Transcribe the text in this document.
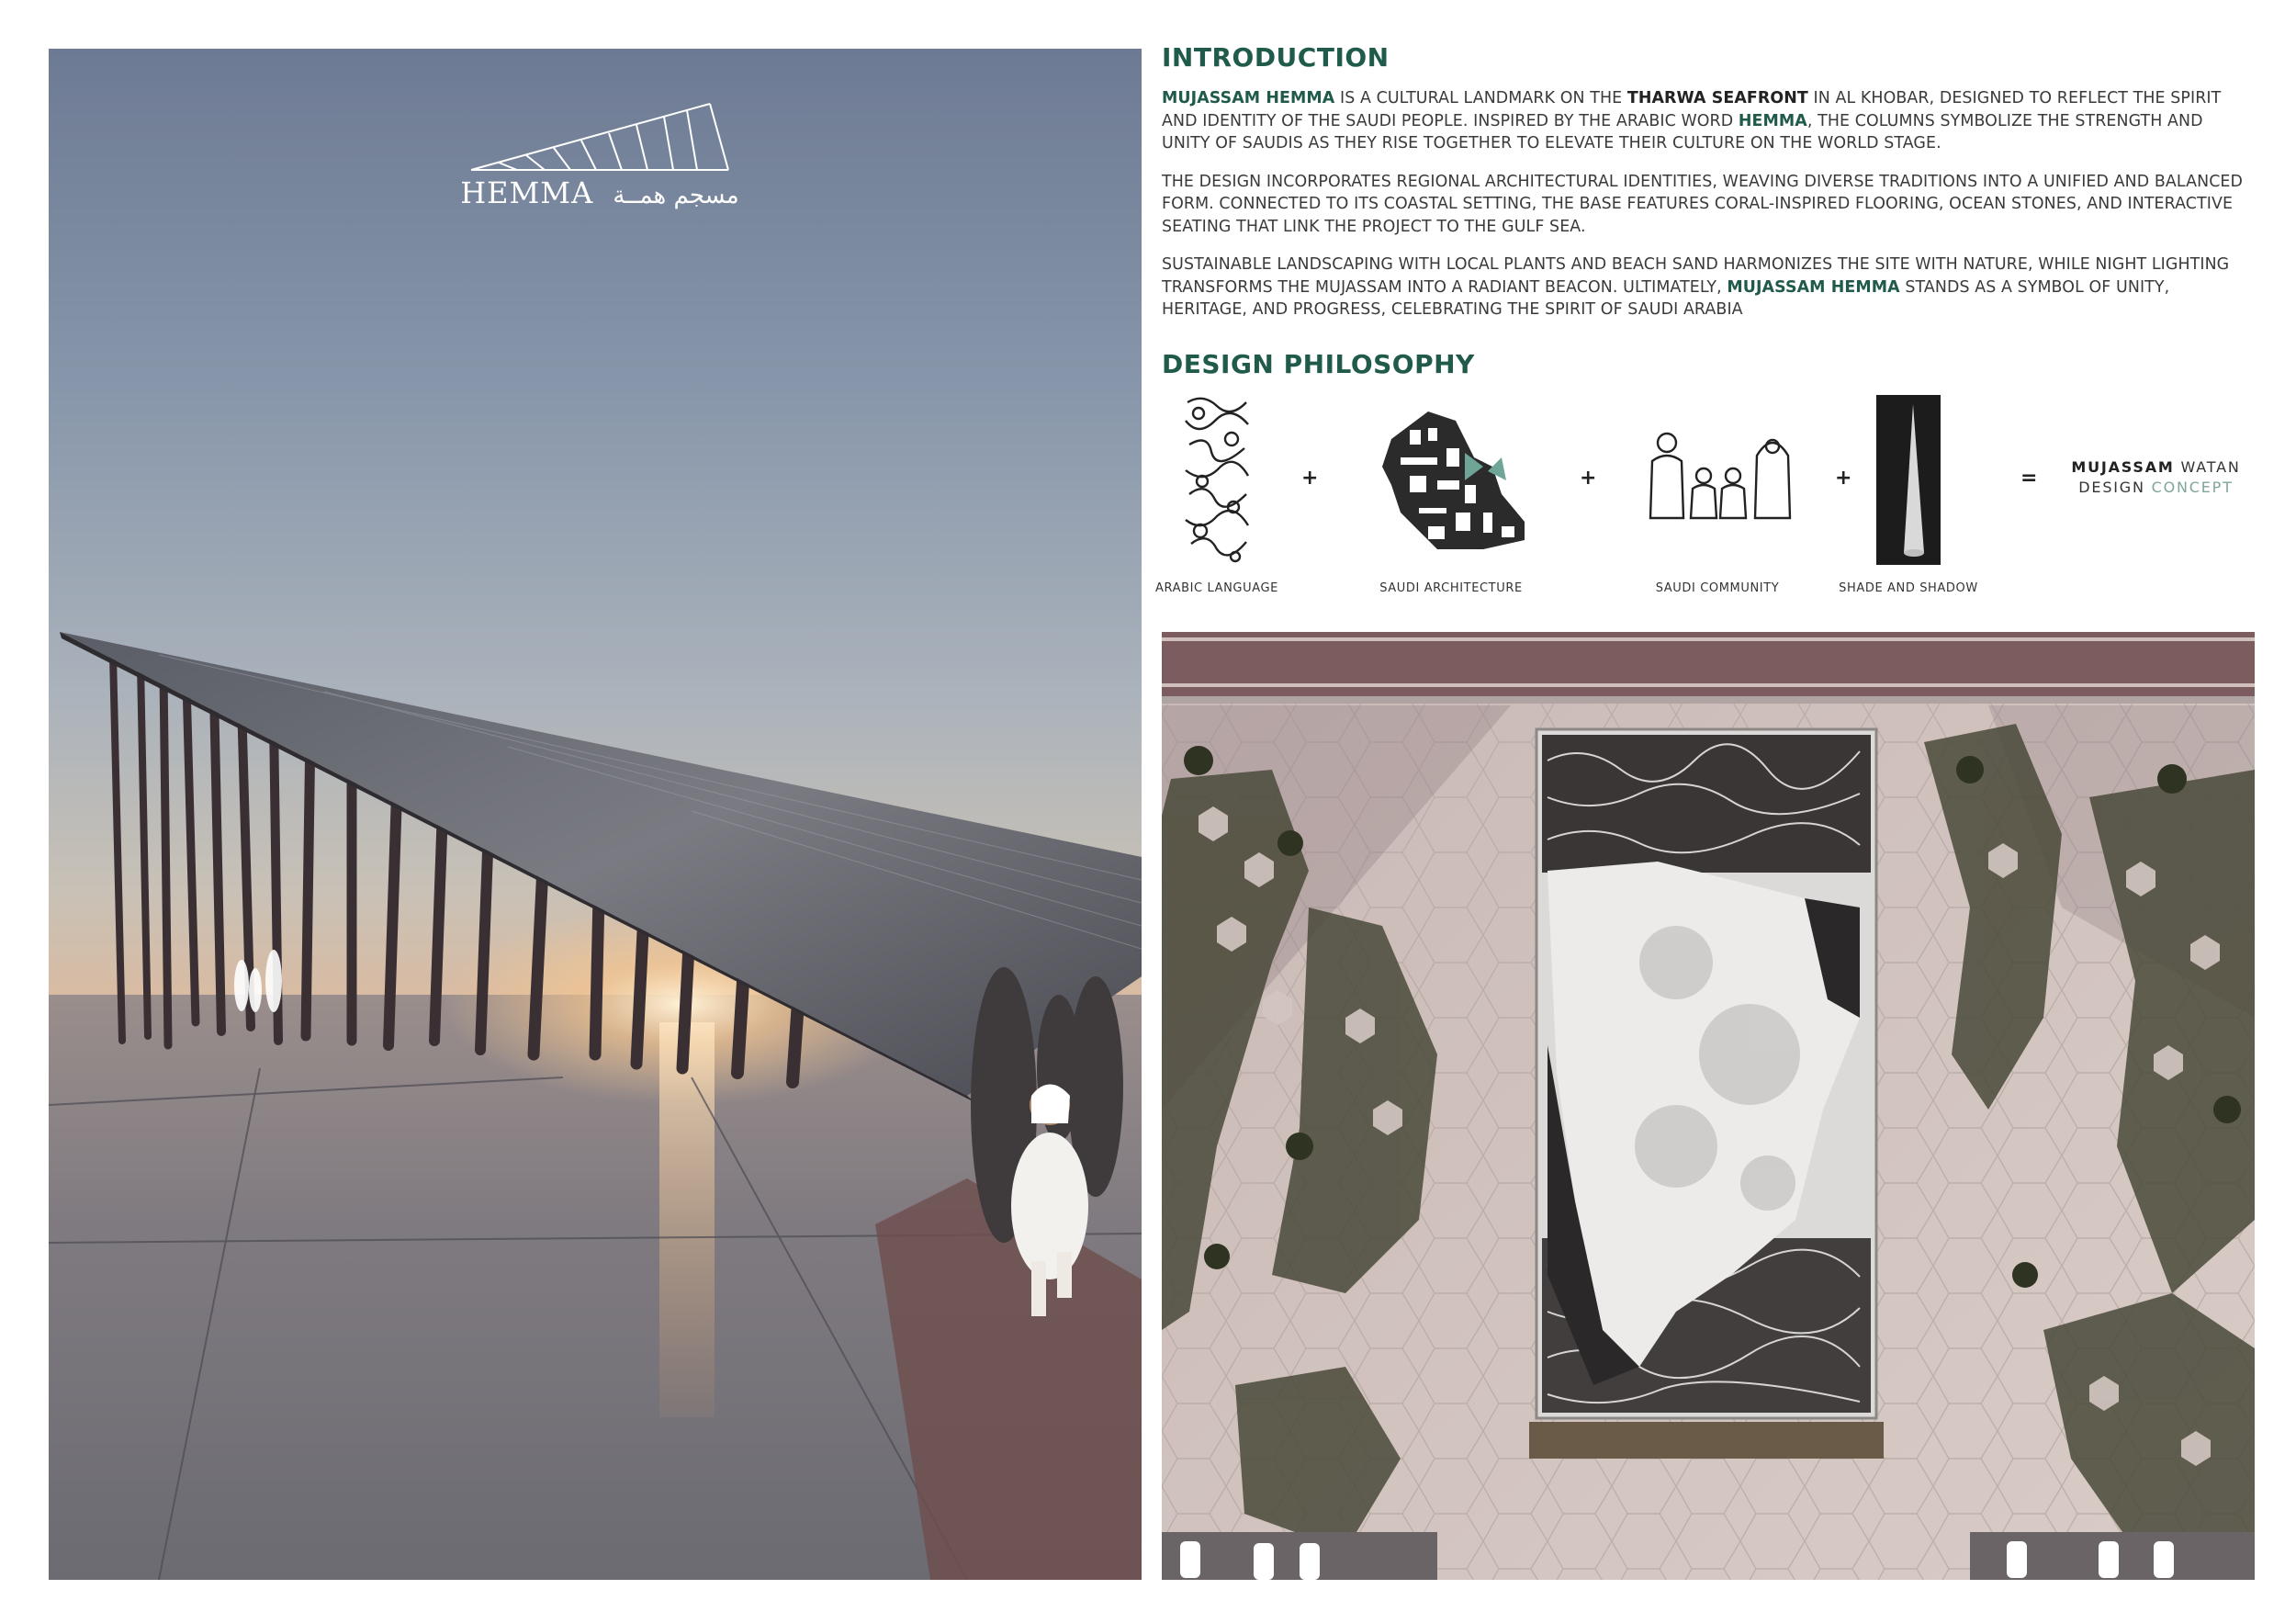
HEMMA مسجم همــة
INTRODUCTION

MUJASSAM HEMMA IS A CULTURAL LANDMARK ON THE THARWA SEAFRONT IN AL KHOBAR, DESIGNED TO REFLECT THE SPIRIT AND IDENTITY OF THE SAUDI PEOPLE. INSPIRED BY THE ARABIC WORD HEMMA, THE COLUMNS SYMBOLIZE THE STRENGTH AND UNITY OF SAUDIS AS THEY RISE TOGETHER TO ELEVATE THEIR CULTURE ON THE WORLD STAGE.

THE DESIGN INCORPORATES REGIONAL ARCHITECTURAL IDENTITIES, WEAVING DIVERSE TRADITIONS INTO A UNIFIED AND BALANCED FORM. CONNECTED TO ITS COASTAL SETTING, THE BASE FEATURES CORAL-INSPIRED FLOORING, OCEAN STONES, AND INTERACTIVE SEATING THAT LINK THE PROJECT TO THE GULF SEA.

SUSTAINABLE LANDSCAPING WITH LOCAL PLANTS AND BEACH SAND HARMONIZES THE SITE WITH NATURE, WHILE NIGHT LIGHTING TRANSFORMS THE MUJASSAM INTO A RADIANT BEACON. ULTIMATELY, MUJASSAM HEMMA STANDS AS A SYMBOL OF UNITY, HERITAGE, AND PROGRESS, CELEBRATING THE SPIRIT OF SAUDI ARABIA

DESIGN PHILOSOPHY
ARABIC LANGUAGE
+
SAUDI ARCHITECTURE
+
SAUDI COMMUNITY
+
SHADE AND SHADOW
=	MUJASSAM WATAN
DESIGN CONCEPT
